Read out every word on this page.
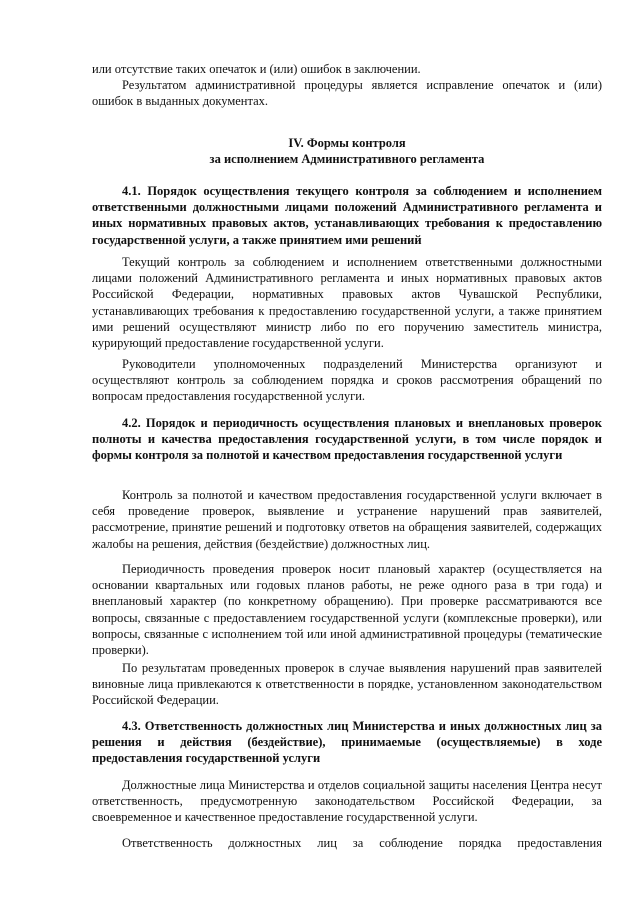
или отсутствие таких опечаток и (или) ошибок в заключении.

Результатом административной процедуры является исправление опечаток и (или) ошибок в выданных документах.

IV. Формы контроля

за исполнением Административного регламента

4.1. Порядок осуществления текущего контроля за соблюдением и исполнением ответственными должностными лицами положений Административного регламента и иных нормативных правовых актов, устанавливающих требования к предоставлению государственной услуги, а также принятием ими решений

Текущий контроль за соблюдением и исполнением ответственными должностными лицами положений Административного регламента и иных нормативных правовых актов Российской Федерации, нормативных правовых актов Чувашской Республики, устанавливающих требования к предоставлению государственной услуги, а также принятием ими решений осуществляют министр либо по его поручению заместитель министра, курирующий предоставление государственной услуги.

Руководители уполномоченных подразделений Министерства организуют и осуществляют контроль за соблюдением порядка и сроков рассмотрения обращений по вопросам предоставления государственной услуги.

4.2. Порядок и периодичность осуществления плановых и внеплановых проверок полноты и качества предоставления государственной услуги, в том числе порядок и формы контроля за полнотой и качеством предоставления государственной услуги

Контроль за полнотой и качеством предоставления государственной услуги включает в себя проведение проверок, выявление и устранение нарушений прав заявителей, рассмотрение, принятие решений и подготовку ответов на обращения заявителей, содержащих жалобы на решения, действия (бездействие) должностных лиц.

Периодичность проведения проверок носит плановый характер (осуществляется на основании квартальных или годовых планов работы, не реже одного раза в три года) и внеплановый характер (по конкретному обращению). При проверке рассматриваются все вопросы, связанные с предоставлением государственной услуги (комплексные проверки), или вопросы, связанные с исполнением той или иной административной процедуры (тематические проверки).

По результатам проведенных проверок в случае выявления нарушений прав заявителей виновные лица привлекаются к ответственности в порядке, установленном законодательством Российской Федерации.

4.3. Ответственность должностных лиц Министерства и иных должностных лиц за решения и действия (бездействие), принимаемые (осуществляемые) в ходе предоставления государственной услуги

Должностные лица Министерства и отделов социальной защиты населения Центра несут ответственность, предусмотренную законодательством Российской Федерации, за своевременное и качественное предоставление государственной услуги.

Ответственность должностных лиц за соблюдение порядка предоставления
